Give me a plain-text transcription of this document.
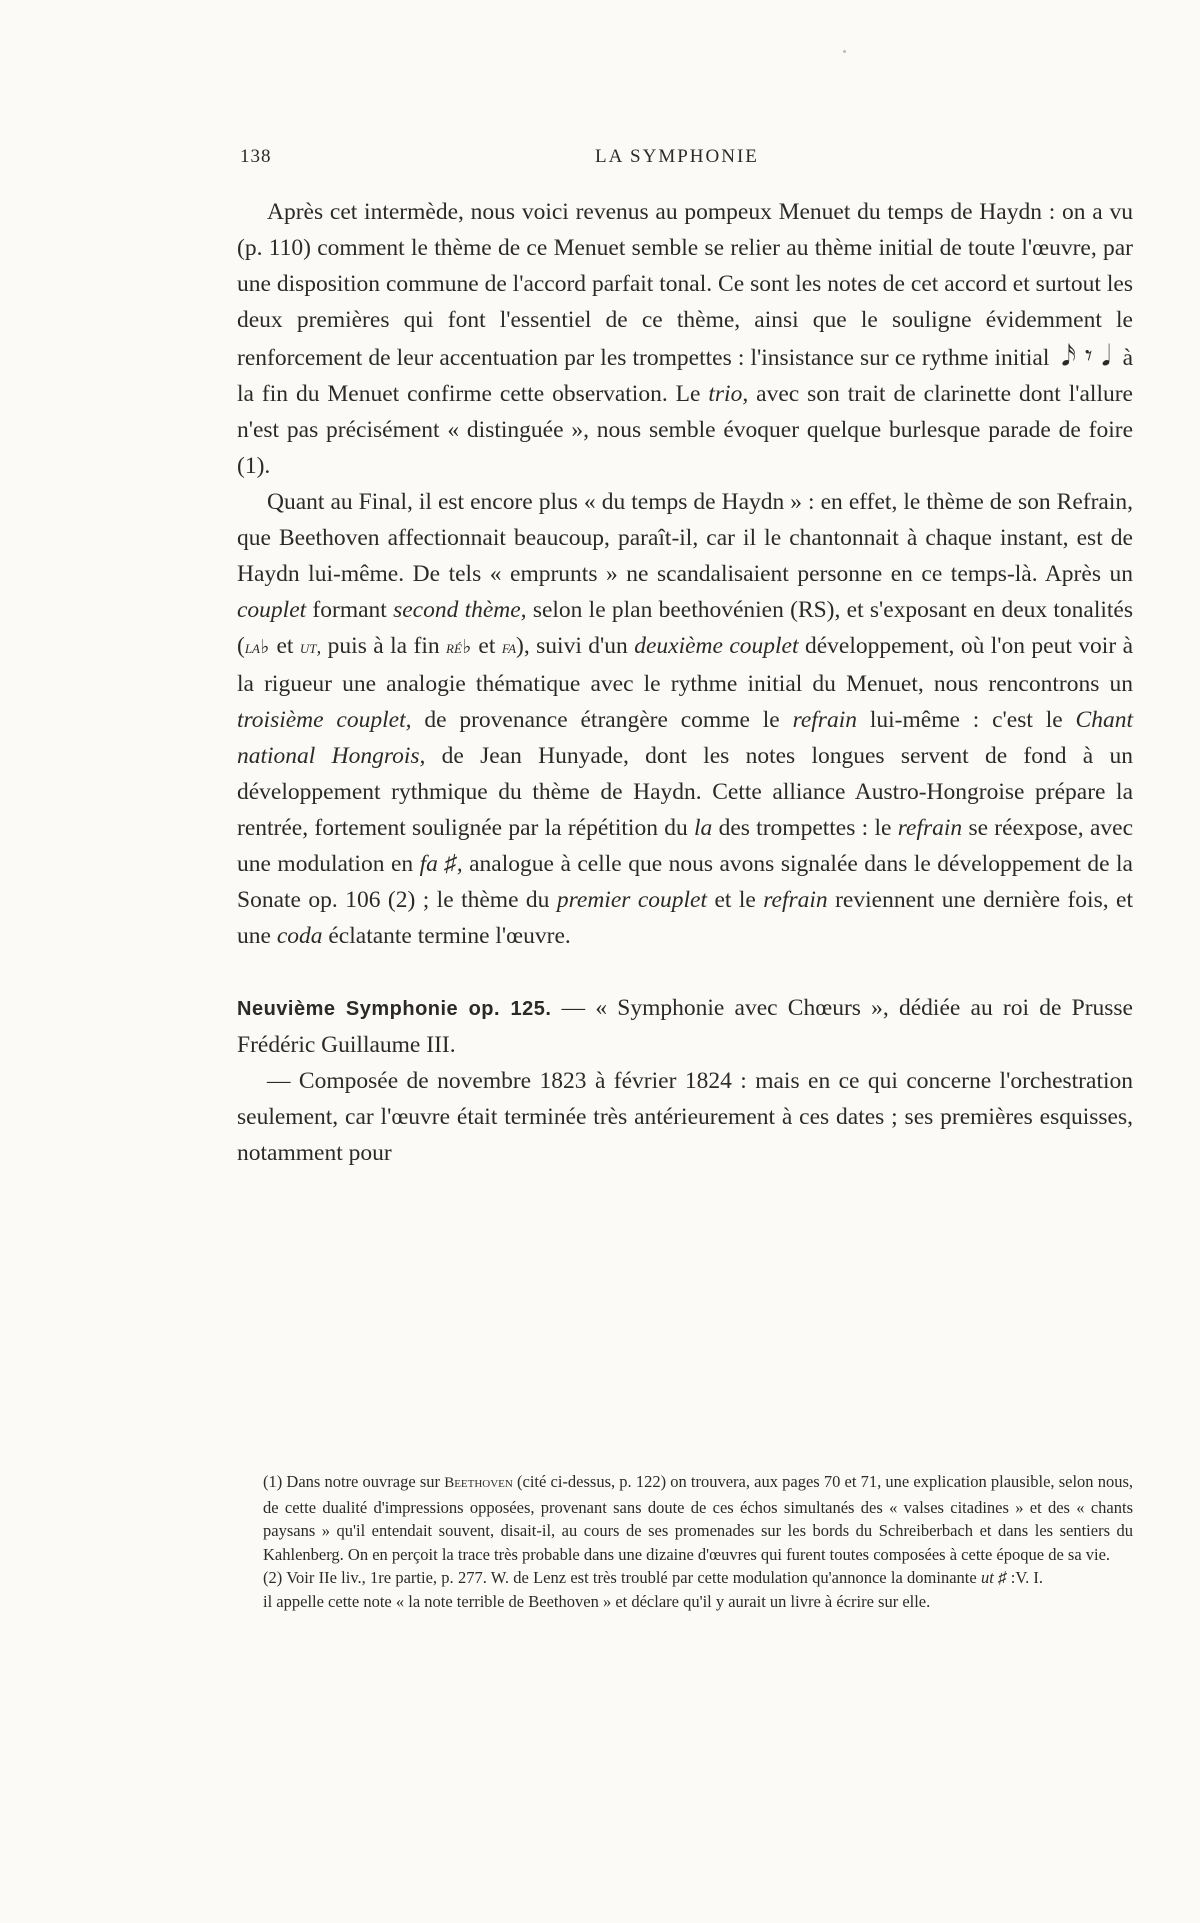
138	LA SYMPHONIE

Après cet intermède, nous voici revenus au pompeux Menuet du temps de Haydn : on a vu (p. 110) comment le thème de ce Menuet semble se relier au thème initial de toute l'œuvre, par une disposition commune de l'accord parfait tonal. Ce sont les notes de cet accord et surtout les deux premières qui font l'essentiel de ce thème, ainsi que le souligne évidemment le renforcement de leur accentuation par les trompettes : l'insistance sur ce rythme initial 𝅘𝅥𝅯 𝄾 𝅘𝅥 à la fin du Menuet confirme cette observation. Le trio, avec son trait de clarinette dont l'allure n'est pas précisément « distinguée », nous semble évoquer quelque burlesque parade de foire (1).

Quant au Final, il est encore plus « du temps de Haydn » : en effet, le thème de son Refrain, que Beethoven affectionnait beaucoup, paraît-il, car il le chantonnait à chaque instant, est de Haydn lui-même. De tels « emprunts » ne scandalisaient personne en ce temps-là. Après un couplet formant second thème, selon le plan beethovénien (RS), et s'exposant en deux tonalités (la♭ et ut, puis à la fin ré♭ et fa), suivi d'un deuxième couplet développement, où l'on peut voir à la rigueur une analogie thématique avec le rythme initial du Menuet, nous rencontrons un troisième couplet, de provenance étrangère comme le refrain lui-même : c'est le Chant national Hongrois, de Jean Hunyade, dont les notes longues servent de fond à un développement rythmique du thème de Haydn. Cette alliance Austro-Hongroise prépare la rentrée, fortement soulignée par la répétition du la des trompettes : le refrain se réexpose, avec une modulation en fa ♯, analogue à celle que nous avons signalée dans le développement de la Sonate op. 106 (2) ; le thème du premier couplet et le refrain reviennent une dernière fois, et une coda éclatante termine l'œuvre.

Neuvième Symphonie op. 125. — « Symphonie avec Chœurs », dédiée au roi de Prusse Frédéric Guillaume III.

— Composée de novembre 1823 à février 1824 : mais en ce qui concerne l'orchestration seulement, car l'œuvre était terminée très antérieurement à ces dates ; ses premières esquisses, notamment pour

(1) Dans notre ouvrage sur Beethoven (cité ci-dessus, p. 122) on trouvera, aux pages 70 et 71, une explication plausible, selon nous, de cette dualité d'impressions opposées, provenant sans doute de ces échos simultanés des « valses citadines » et des « chants paysans » qu'il entendait souvent, disait-il, au cours de ses promenades sur les bords du Schreiberbach et dans les sentiers du Kahlenberg. On en perçoit la trace très probable dans une dizaine d'œuvres qui furent toutes composées à cette époque de sa vie.
V. I.

(2) Voir IIe liv., 1re partie, p. 277. W. de Lenz est très troublé par cette modulation qu'annonce la dominante ut ♯ : il appelle cette note « la note terrible de Beethoven » et déclare qu'il y aurait un livre à écrire sur elle.
